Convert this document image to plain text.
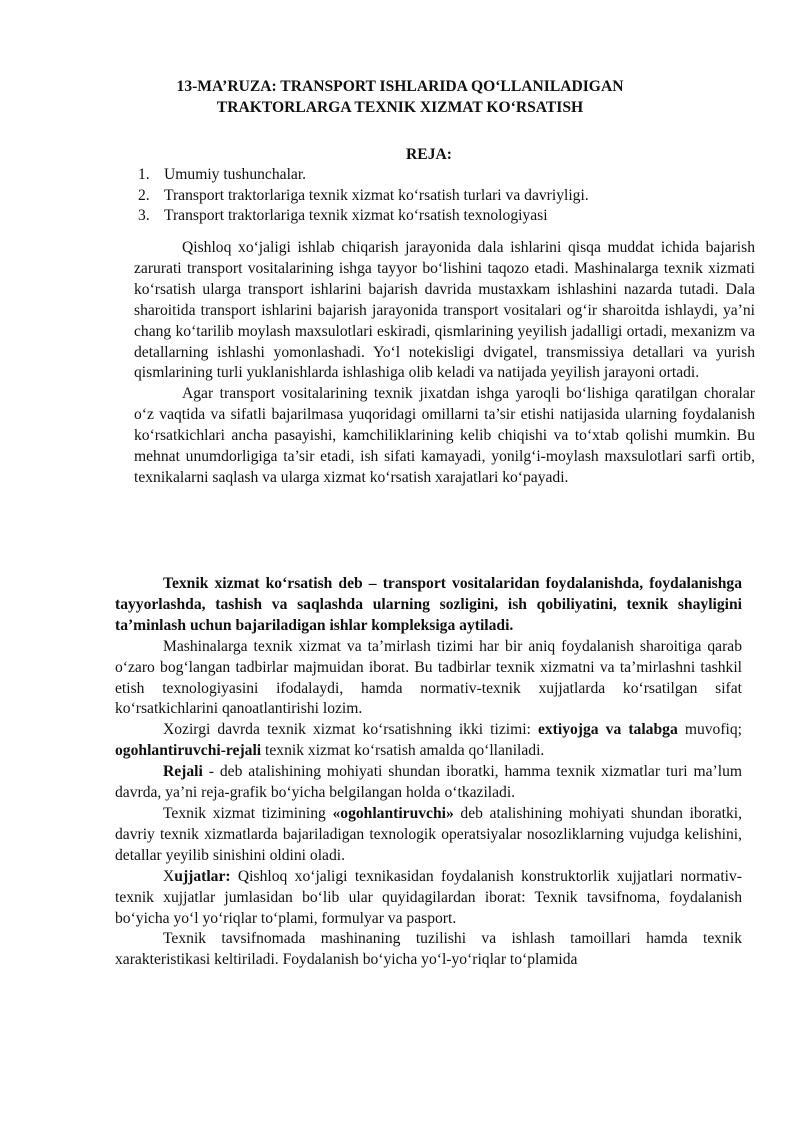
13-MA’RUZA: TRANSPORT ISHLARIDA QO‘LLANILADIGAN
TRAKTORLARGA TEXNIK XIZMAT KO‘RSATISH
REJA:
1. Umumiy tushunchalar.
2. Transport traktorlariga texnik xizmat ko‘rsatish turlari va davriyligi.
3. Transport traktorlariga texnik xizmat ko‘rsatish texnologiyasi

Qishloq xo‘jaligi ishlab chiqarish jarayonida dala ishlarini qisqa muddat ichida bajarish zarurati transport vositalarining ishga tayyor bo‘lishini taqozo etadi. Mashinalarga texnik xizmati ko‘rsatish ularga transport ishlarini bajarish davrida mustaxkam ishlashini nazarda tutadi. Dala sharoitida transport ishlarini bajarish jarayonida transport vositalari og‘ir sharoitda ishlaydi, ya’ni chang ko‘tarilib moylash maxsulotlari eskiradi, qismlarining yeyilish jadalligi ortadi, mexanizm va detallarning ishlashi yomonlashadi. Yo‘l notekisligi dvigatel, transmissiya detallari va yurish qismlarining turli yuklanishlarda ishlashiga olib keladi va natijada yeyilish jarayoni ortadi.

Agar transport vositalarining texnik jixatdan ishga yaroqli bo‘lishiga qaratilgan choralar o‘z vaqtida va sifatli bajarilmasa yuqoridagi omillarni ta’sir etishi natijasida ularning foydalanish ko‘rsatkichlari ancha pasayishi, kamchiliklarining kelib chiqishi va to‘xtab qolishi mumkin. Bu mehnat unumdorligiga ta’sir etadi, ish sifati kamayadi, yonilg‘i-moylash maxsulotlari sarfi ortib, texnikalarni saqlash va ularga xizmat ko‘rsatish xarajatlari ko‘payadi.

Texnik xizmat ko‘rsatish deb – transport vositalaridan foydalanishda, foydalanishga tayyorlashda, tashish va saqlashda ularning sozligini, ish qobiliyatini, texnik shayligini ta’minlash uchun bajariladigan ishlar kompleksiga aytiladi.

Mashinalarga texnik xizmat va ta’mirlash tizimi har bir aniq foydalanish sharoitiga qarab o‘zaro bog‘langan tadbirlar majmuidan iborat. Bu tadbirlar texnik xizmatni va ta’mirlashni tashkil etish texnologiyasini ifodalaydi, hamda normativ-texnik xujjatlarda ko‘rsatilgan sifat ko‘rsatkichlarini qanoatlantirishi lozim.

Xozirgi davrda texnik xizmat ko‘rsatishning ikki tizimi: extiyojga va talabga muvofiq; ogohlantiruvchi-rejali texnik xizmat ko‘rsatish amalda qo‘llaniladi.

Rejali - deb atalishining mohiyati shundan iboratki, hamma texnik xizmatlar turi ma’lum davrda, ya’ni reja-grafik bo‘yicha belgilangan holda o‘tkaziladi.

Texnik xizmat tizimining «ogohlantiruvchi» deb atalishining mohiyati shundan iboratki, davriy texnik xizmatlarda bajariladigan texnologik operatsiyalar nosozliklarning vujudga kelishini, detallar yeyilib sinishini oldini oladi.

Xujjatlar: Qishloq xo‘jaligi texnikasidan foydalanish konstruktorlik xujjatlari normativ-texnik xujjatlar jumlasidan bo‘lib ular quyidagilardan iborat: Texnik tavsifnoma, foydalanish bo‘yicha yo‘l yo‘riqlar to‘plami, formulyar va pasport.

Texnik tavsifnomada mashinaning tuzilishi va ishlash tamoillari hamda texnik xarakteristikasi keltiriladi. Foydalanish bo‘yicha yo‘l-yo‘riqlar to‘plamida
